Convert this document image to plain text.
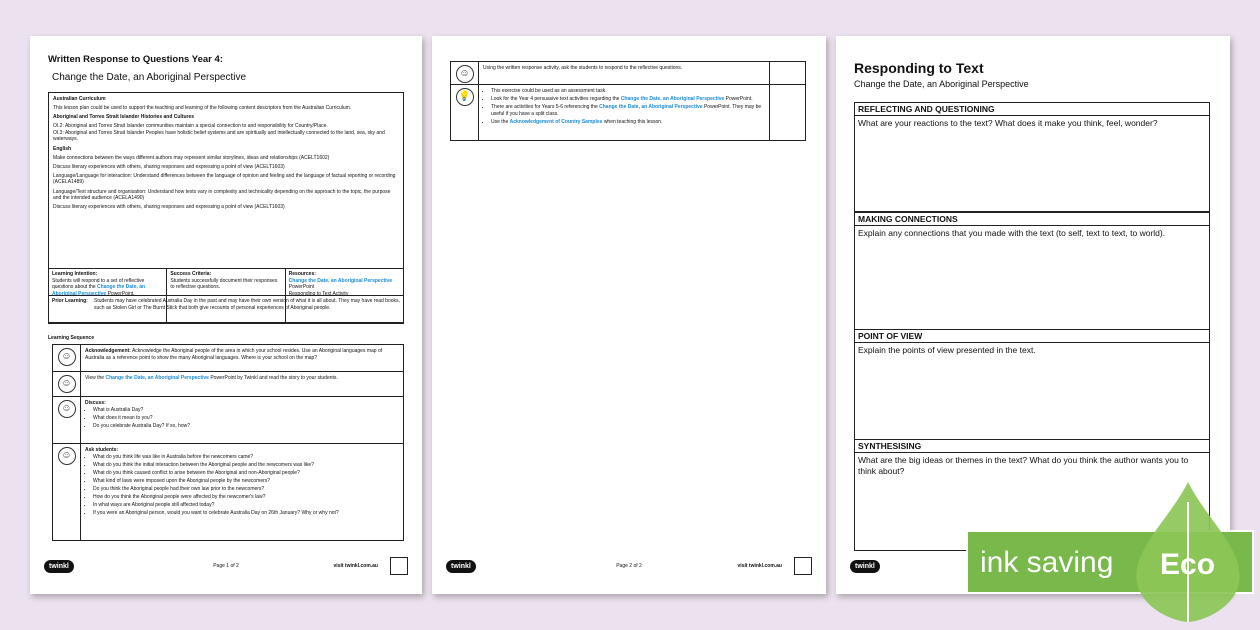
Written Response to Questions Year 4:
Change the Date, an Aboriginal Perspective

Australian Curriculum

This lesson plan could be used to support the teaching and learning of the following content descriptors from the Australian Curriculum.

Aboriginal and Torres Strait Islander Histories and Cultures

OI.2: Aboriginal and Torres Strait Islander communities maintain a special connection to and responsibility for Country/Place.

OI.3: Aboriginal and Torres Strait Islander Peoples have holistic belief systems and are spiritually and intellectually connected to the land, sea, sky and waterways.

English

Make connections between the ways different authors may represent similar storylines, ideas and relationships (ACELT1602)

Discuss literary experiences with others, sharing responses and expressing a point of view (ACELT1603)

Language/Language for interaction: Understand differences between the language of opinion and feeling and the language of factual reporting or recording (ACELA1489)

Language/Text structure and organisation: Understand how texts vary in complexity and technicality depending on the approach to the topic, the purpose and the intended audience (ACELA1490)

Discuss literary experiences with others, sharing responses and expressing a point of view (ACELT1603)

Learning Intention:
Students will respond to a set of reflective questions about the Change the Date, an Aboriginal Perspective PowerPoint.
Success Criteria:
Students successfully document their responses to reflective questions.
Resources:
Change the Date, an Aboriginal Perspective
PowerPoint
Responding to Text Activity
Prior Learning:	Students may have celebrated Australia Day in the past and may have their own version of what it is all about. They may have read books, such as Stolen Girl or The Burnt Stick that both give recounts of personal experiences of Aboriginal people.
Learning Sequence
☺	Acknowledgement: Acknowledge the Aboriginal people of the area in which your school resides. Use an Aboriginal languages map of Australia as a reference point to show the many Aboriginal languages. Where is your school on the map?
☺	View the Change the Date, an Aboriginal Perspective PowerPoint by Twinkl and read the story to your students.
☺	Discuss:
• What is Australia Day?
• What does it mean to you?
• Do you celebrate Australia Day? If so, how?
☺	Ask students:
• What do you think life was like in Australia before the newcomers came?
• What do you think the initial interaction between the Aboriginal people and the newcomers was like?
• What do you think caused conflict to arise between the Aboriginal and non-Aboriginal people?
• What kind of laws were imposed upon the Aboriginal people by the newcomers?
• Do you think the Aboriginal people had their own law prior to the newcomers?
• How do you think the Aboriginal people were affected by the newcomer's law?
• In what ways are Aboriginal people still affected today?
• If you were an Aboriginal person, would you want to celebrate Australia Day on 26th January? Why or why not?
twinkl	Page 1 of 2	visit twinkl.com.au
☺	Using the written response activity, ask the students to respond to the reflective questions.
💡
•	This exercise could be used as an assessment task.
• Look for the Year 4 persuasive text activities regarding the Change the Date, an Aboriginal Perspective PowerPoint.
• There are activities for Years 5-6 referencing the Change the Date, an Aboriginal Perspective PowerPoint. They may be useful if you have a split class.
• Use the Acknowledgement of Country Samples when teaching this lesson.
twinkl	Page 2 of 2	visit twinkl.com.au
Responding to Text
Change the Date, an Aboriginal Perspective
REFLECTING AND QUESTIONING
What are your reactions to the text? What does it make you think, feel, wonder?
MAKING CONNECTIONS
Explain any connections that you made with the text (to self, text to text, to world).
POINT OF VIEW
Explain the points of view presented in the text.
SYNTHESISING
What are the big ideas or themes in the text? What do you think the author wants you to think about?
twinkl	ink saving Eco
